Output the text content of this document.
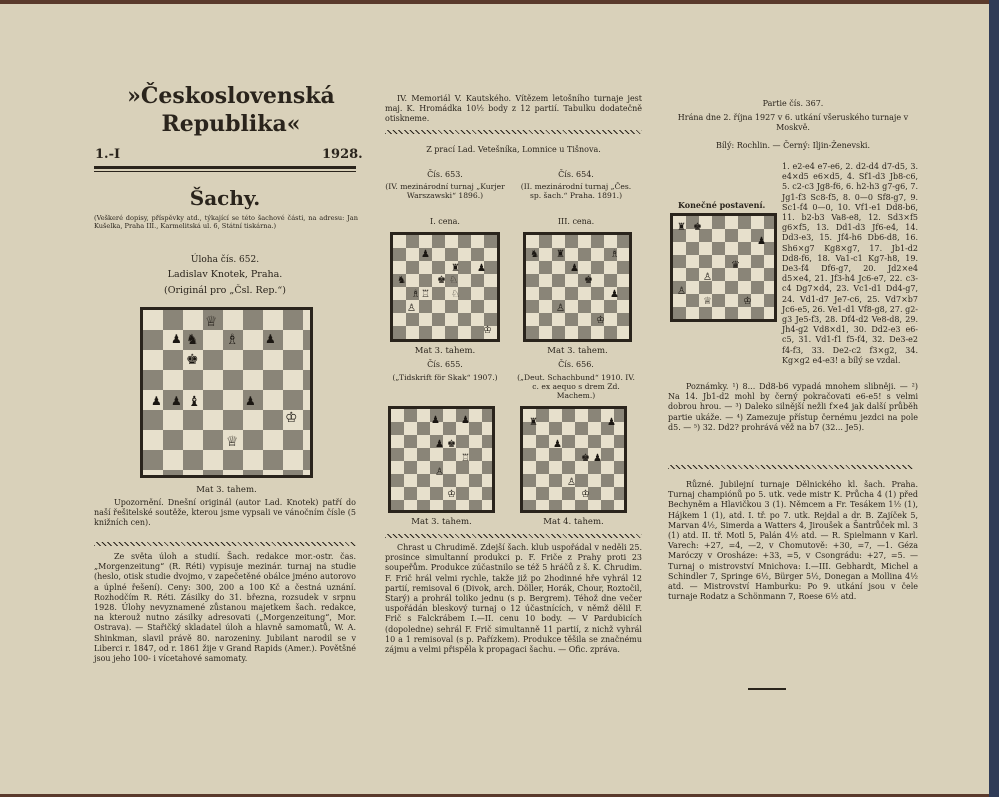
»Československá
Republika«
1.-I	1928.
Šachy.

(Veškeré dopisy, příspěvky atd., týkající se této šachové části, na adresu: Jan Kušelka, Praha III., Karmelitská ul. 6, Státní tiskárna.)

Úloha čís. 652.
Ladislav Knotek, Praha.
(Originál pro „Čsl. Rep.“)
♕
♞
♟	♗ ♟
♚
♟ ♟ ♝	♟
♔
♕
Mat 3. tahem.

Upozornění. Dnešní originál (autor Lad. Knotek) patří do naší řešitelské soutěže, kterou jsme vypsali ve vánočním čísle (5 knižních cen).

Ze světa úloh a studií. Šach. redakce mor.-ostr. čas. „Morgenzeitung“ (R. Réti) vypisuje mezinár. turnaj na studie (heslo, otisk studie dvojmo, v zapečetěné obálce jméno autorovo a úplné řešení). Ceny: 300, 200 a 100 Kč a čestná uznání. Rozhodčím R. Réti. Zásilky do 31. března, rozsudek v srpnu 1928. Úlohy nevyznamené zůstanou majetkem šach. redakce, na kterouž nutno zásilky adresovati („Morgenzeitung“, Mor. Ostrava). — Stařičký skladatel úloh a hlavně samomatů, W. A. Shinkman, slavil právě 80. narozeniny. Jubilant narodil se v Liberci r. 1847, od r. 1861 žije v Grand Rapids (Amer.). Povětšné jsou jeho 100- i vícetahové samomaty.

IV. Memoriál V. Kautského. Vítězem letošního turnaje jest maj. K. Hromádka 10½ body z 12 partií. Tabulku dodatečně otiskneme.

Z prací Lad. Vetešníka, Lomnice u Tišnova.
Čís. 653.
(IV. mezinárodní turnaj „Kurjer Warszawski“ 1896.)
I. cena.
Čís. 654.
(II. mezinárodní turnaj „Čes. sp. šach.“ Praha. 1891.)
III. cena.
♟
♜ ♟
♞	♚ ♘
♗ ♖ ♘
♙
♔
♞ ♜	♗
♟
♚
♟
♙
♔
Mat 3. tahem.	Mat 3. tahem.
Čís. 655.
(„Tidskrift för Skak“ 1907.)
Čís. 656.
(„Deut. Schachbund“ 1910. IV. c. ex aequo s drem Zd. Machem.)
♟ ♟
♟ ♚
♖
♙
♔
♜	♟
♟
♚ ♟
♙
♔
Mat 3. tahem.	Mat 4. tahem.

Chrast u Chrudimě. Zdejší šach. klub uspořádal v neděli 25. prosince simultanní produkci p. F. Friče z Prahy proti 23 soupeřům. Produkce zúčastnilo se též 5 hráčů z š. K. Chrudim. F. Frič hrál velmi rychle, takže již po 2hodinné hře vyhrál 12 partií, remisoval 6 (Divok, arch. Döller, Horák, Chour, Roztočil, Starý) a prohrál toliko jednu (s p. Bergrem). Téhož dne večer uspořádán bleskový turnaj o 12 účastnících, v němž dělil F. Frič s Falckrábem I.—II. cenu 10 body. — V Pardubicích (dopoledne) sehrál F. Frič simultanně 11 partií, z nichž vyhrál 10 a 1 remisoval (s p. Pařízkem). Produkce těšila se značnému zájmu a velmi přispěla k propagaci šachu. — Ofic. zpráva.

Partie čís. 367.

Hrána dne 2. října 1927 v 6. utkání všeruského turnaje v Moskvě.

Bílý: Rochlin. — Černý: Iljin-Ženevski.
Konečné postavení.
♜ ♚
♟
♛
♙
♙
♕	♔

1. e2-e4 e7-e6, 2. d2-d4 d7-d5, 3. e4×d5 e6×d5, 4. Sf1-d3 Jb8-c6, 5. c2-c3 Jg8-f6, 6. h2-h3 g7-g6, 7. Jg1-f3 Sc8-f5, 8. 0—0 Sf8-g7, 9. Sc1-f4 0—0, 10. Vf1-e1 Dd8-b6, 11. b2-b3 Va8-e8, 12. Sd3×f5 g6×f5, 13. Dd1-d3 Jf6-e4, 14. Dd3-e3, 15. Jf4-h6 Db6-d8, 16. Sh6×g7 Kg8×g7, 17. Jb1-d2 Dd8-f6, 18. Va1-c1 Kg7-h8, 19. De3-f4 Df6-g7, 20. Jd2×e4 d5×e4, 21. Jf3-h4 Jc6-e7, 22. c3-c4 Dg7×d4, 23. Vc1-d1 Dd4-g7, 24. Vd1-d7 Je7-c6, 25. Vd7×b7 Jc6-e5, 26. Ve1-d1 Vf8-g8, 27. g2-g3 Je5-f3, 28. Df4-d2 Ve8-d8, 29. Jh4-g2 Vd8×d1, 30. Dd2-e3 e6-c5, 31. Vd1-f1 f5-f4, 32. De3-e2 f4-f3, 33. De2-c2 f3×g2, 34. Kg×g2 e4-e3! a bílý se vzdal.

Poznámky. ¹) 8... Dd8-b6 vypadá mnohem slibněji. — ²) Na 14. Jb1-d2 mohl by černý pokračovati e6-e5! s velmi dobrou hrou. — ³) Daleko silnější nežli f×e4 jak další průběh partie ukáže. — ⁴) Zamezuje přístup černému jezdci na pole d5. — ⁵) 32. Dd2? prohrává věž na b7 (32... Je5).

Různé. Jubilejní turnaje Dělnického kl. šach. Praha. Turnaj champiónů po 5. utk. vede mistr K. Průcha 4 (1) před Bechyněm a Hlavičkou 3 (1). Němcem a Fr. Tesákem 1½ (1), Hájkem 1 (1), atd. I. tř. po 7. utk. Rejdal a dr. B. Zajíček 5, Marvan 4½, Simerda a Watters 4, Jiroušek a Šantrůček ml. 3 (1) atd. II. tř. Motl 5, Palán 4½ atd. — R. Spielmann v Karl. Varech: +27, =4, —2, v Chomutově: +30, =7, —1. Géza Maróczy v Orosháze: +33, =5, v Csongrádu: +27, =5. — Turnaj o mistrovství Mnichova: I.—III. Gebhardt, Michel a Schindler 7, Springe 6½, Bürger 5½, Donegan a Mollina 4½ atd. — Mistrovství Hamburku: Po 9. utkání jsou v čele turnaje Rodatz a Schönmann 7, Roese 6½ atd.
